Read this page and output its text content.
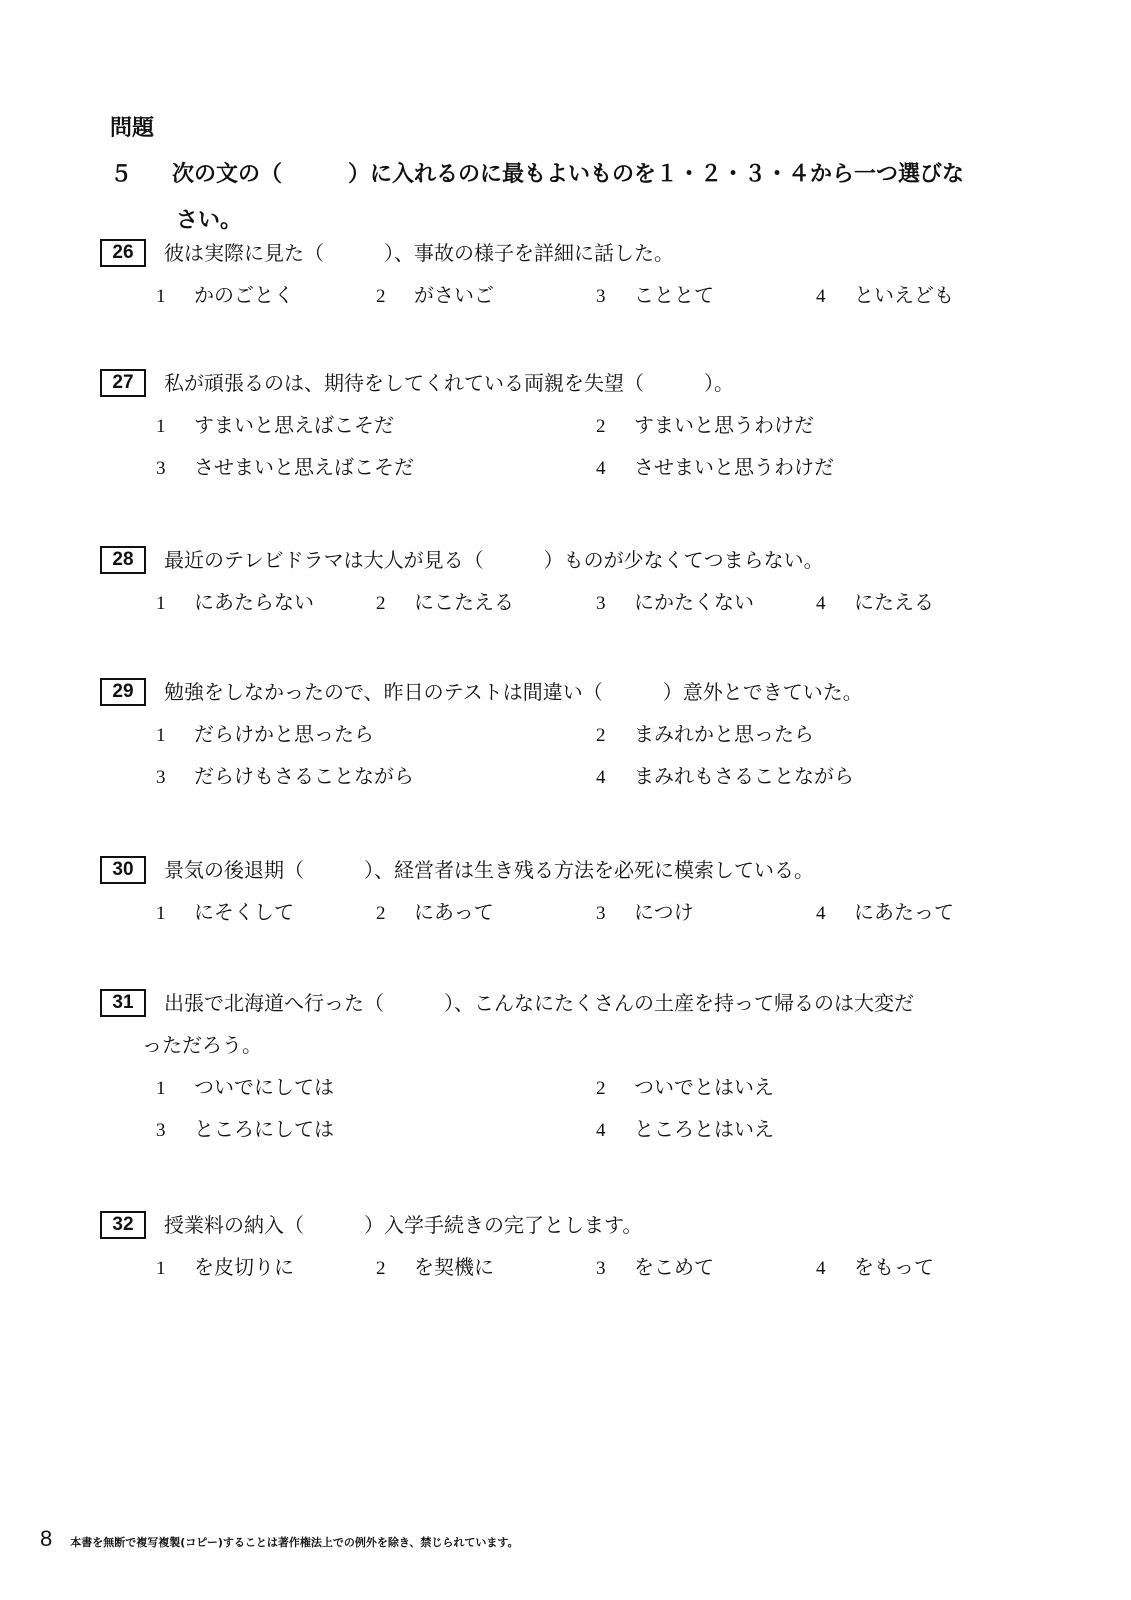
問題５ 次の文の（　　　）に入れるのに最もよいものを１・２・３・４から一つ選びな
さい。
26	彼は実際に見た（　　　）、事故の様子を詳細に話した。
1 かのごとく	2 がさいご	3 こととて	4 といえども
27	私が頑張るのは、期待をしてくれている両親を失望（　　　）。
1 すまいと思えばこそだ	2 すまいと思うわけだ
3 させまいと思えばこそだ	4 させまいと思うわけだ
28	最近のテレビドラマは大人が見る（　　　）ものが少なくてつまらない。
1 にあたらない	2 にこたえる	3 にかたくない	4 にたえる
29	勉強をしなかったので、昨日のテストは間違い（　　　）意外とできていた。
1 だらけかと思ったら	2 まみれかと思ったら
3 だらけもさることながら	4 まみれもさることながら
30	景気の後退期（　　　）、経営者は生き残る方法を必死に模索している。
1 にそくして	2 にあって	3 につけ	4 にあたって
31	出張で北海道へ行った（　　　）、こんなにたくさんの土産を持って帰るのは大変だ
っただろう。
1 ついでにしては	2 ついでとはいえ
3 ところにしては	4 ところとはいえ
32	授業料の納入（　　　）入学手続きの完了とします。
1 を皮切りに	2 を契機に	3 をこめて	4 をもって
8 本書を無断で複写複製(コピー)することは著作権法上での例外を除き、禁じられています。
